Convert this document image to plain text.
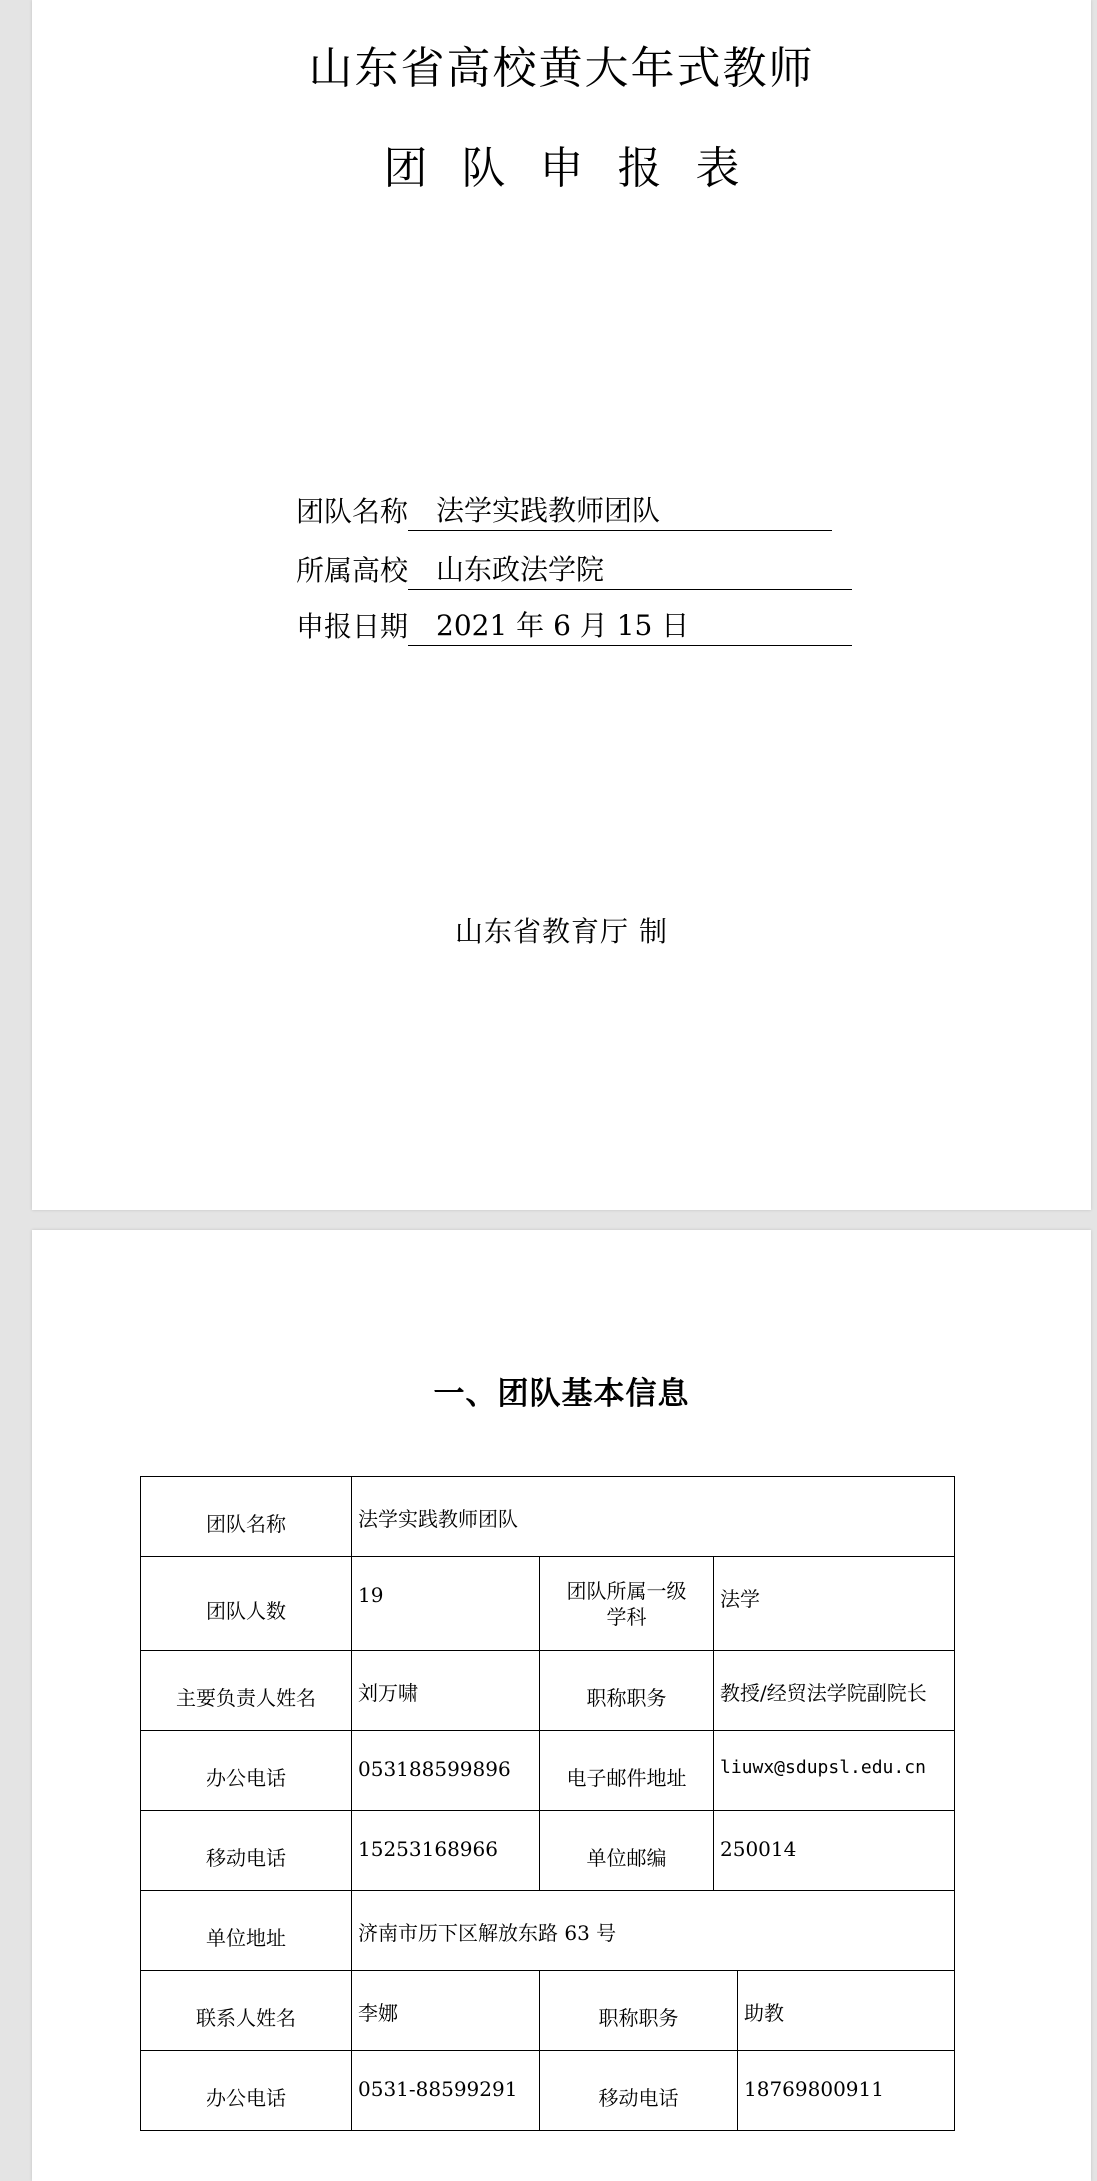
山东省高校黄大年式教师
团队申报表
团队名称 法学实践教师团队
所属高校 山东政法学院
申报日期 2021 年 6 月 15 日
山东省教育厅 制
一、团队基本信息
团队名称	法学实践教师团队			
团队人数	19	团队所属一级学科	法学	
主要负责人姓名	刘万啸	职称职务	教授/经贸法学院副院长	
办公电话	053188599896	电子邮件地址	liuwx@sdupsl.edu.cn	
移动电话	15253168966	单位邮编	250014	
单位地址	济南市历下区解放东路 63 号			
联系人姓名	李娜	职称职务		助教
办公电话	0531-88599291	移动电话		18769800911
